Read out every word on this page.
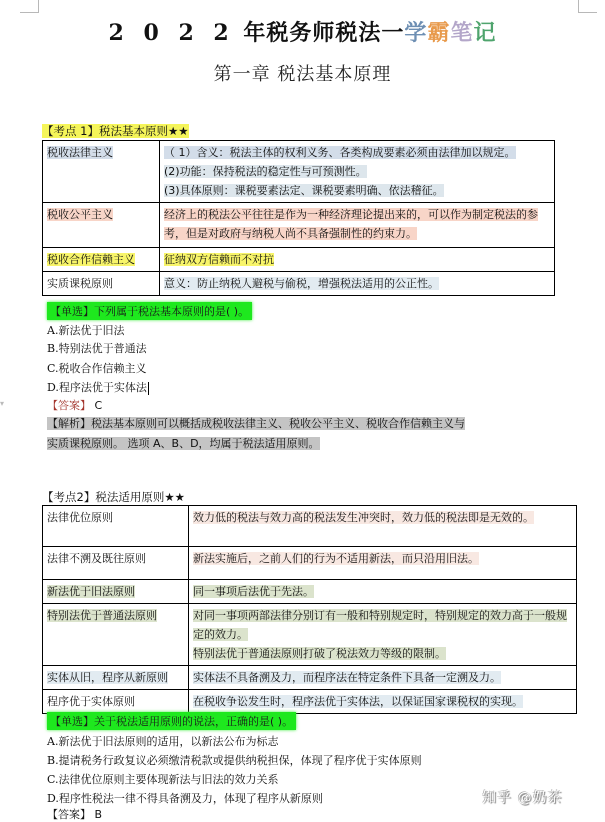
2 0 2 2 年税务师税法一学霸笔记
第一章 税法基本原理
【考点 1】税法基本原则★★
税收法律主义	（ 1）含义：税法主体的权利义务、各类构成要素必须由法律加以规定。
(2)功能：保持税法的稳定性与可预测性。
(3)具体原则：课税要素法定、课税要素明确、依法稽征。

税收公平主义	经济上的税法公平往往是作为一种经济理论提出来的，可以作为制定税法的参考，但是对政府与纳税人尚不具备强制性的约束力。
税收合作信赖主义	征纳双方信赖而不对抗
实质课税原则	意义：防止纳税人避税与偷税，增强税法适用的公正性。
【单选】下列属于税法基本原则的是( )。
A.新法优于旧法
B.特别法优于普通法
C.税收合作信赖主义
D.程序法优于实体法
【答案】 C
【解析】税法基本原则可以概括成税收法律主义、税收公平主义、税收合作信赖主义与
实质课税原则。 选项 A、B、D，均属于税法适用原则。
【考点2】税法适用原则★★
法律优位原则	效力低的税法与效力高的税法发生冲突时，效力低的税法即是无效的。
法律不溯及既往原则	新法实施后，之前人们的行为不适用新法，而只沿用旧法。
新法优于旧法原则	同一事项后法优于先法。
特别法优于普通法原则	对同一事项两部法律分别订有一般和特别规定时，特别规定的效力高于一般规定的效力。
特别法优于普通法原则打破了税法效力等级的限制。

实体从旧，程序从新原则	实体法不具备溯及力，而程序法在特定条件下具备一定溯及力。
程序优于实体原则	在税收争讼发生时，程序法优于实体法，以保证国家课税权的实现。
【单选】关于税法适用原则的说法，正确的是( )。
A.新法优于旧法原则的适用，以新法公布为标志
B.提请税务行政复议必须缴清税款或提供纳税担保，体现了程序优于实体原则
C.法律优位原则主要体现新法与旧法的效力关系
D.程序性税法一律不得具备溯及力，体现了程序从新原则
【答案】 B
▾
知乎 @奶茶
